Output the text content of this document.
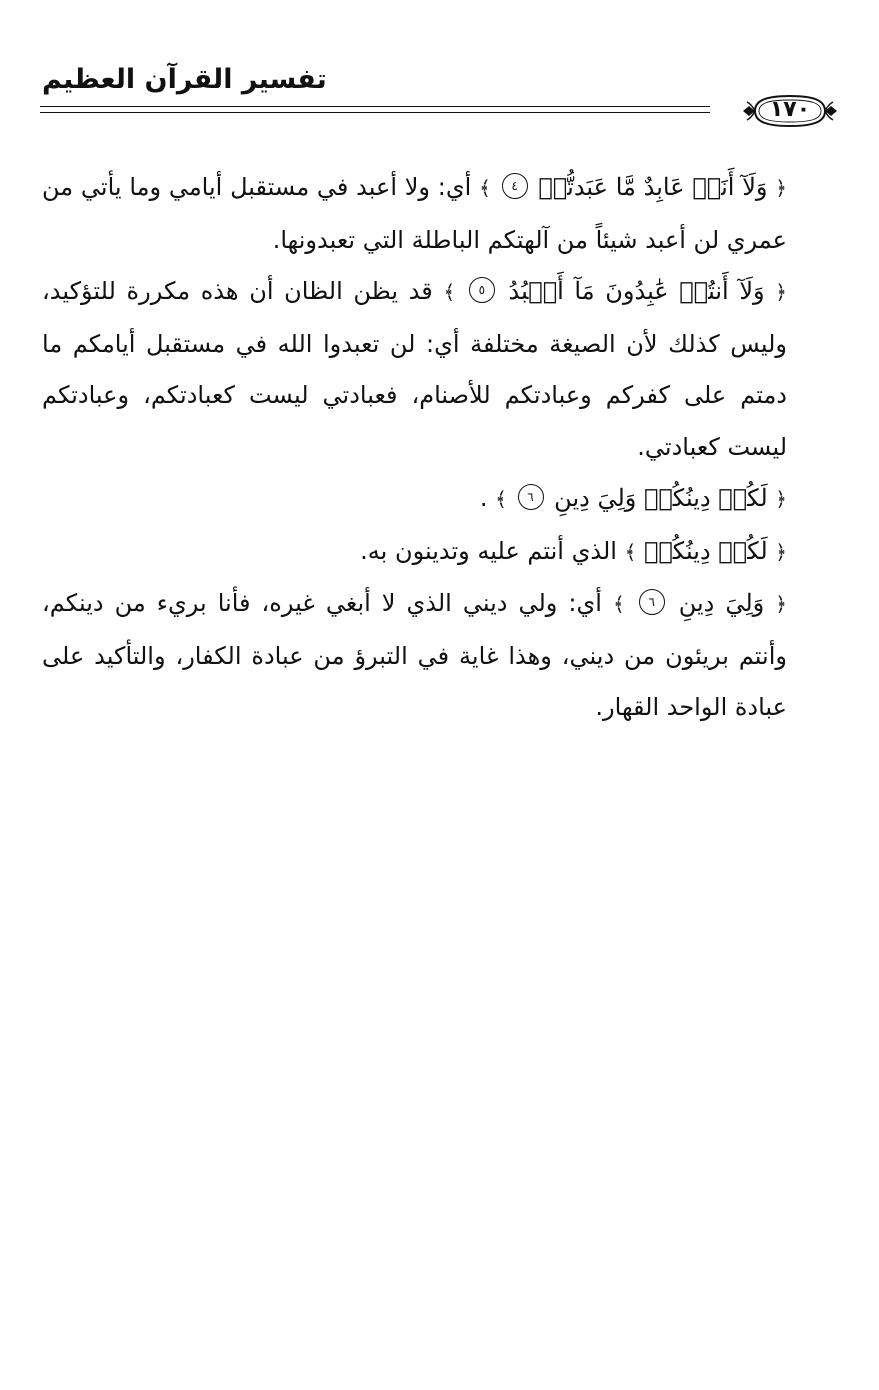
تفسير القرآن العظيم
١٧٠

﴿ وَلَآ أَنَا۠ عَابِدٌ مَّا عَبَدتُّمۡ ٤ ﴾ أي: ولا أعبد في مستقبل أيامي وما يأتي من عمري لن أعبد شيئاً من آلهتكم الباطلة التي تعبدونها.

﴿ وَلَآ أَنتُمۡ عَٰبِدُونَ مَآ أَعۡبُدُ ٥ ﴾ قد يظن الظان أن هذه مكررة للتؤكيد، وليس كذلك لأن الصيغة مختلفة أي: لن تعبدوا الله في مستقبل أيامكم ما دمتم على كفركم وعبادتكم للأصنام، فعبادتي ليست كعبادتكم، وعبادتكم ليست كعبادتي.

﴿ لَكُمۡ دِينُكُمۡ وَلِيَ دِينِ ٦ ﴾ .

﴿ لَكُمۡ دِينُكُمۡ ﴾ الذي أنتم عليه وتدينون به.

﴿ وَلِيَ دِينِ ٦ ﴾ أي: ولي ديني الذي لا أبغي غيره، فأنا بريء من دينكم، وأنتم بريئون من ديني، وهذا غاية في التبرؤ من عبادة الكفار، والتأكيد على عبادة الواحد القهار.
